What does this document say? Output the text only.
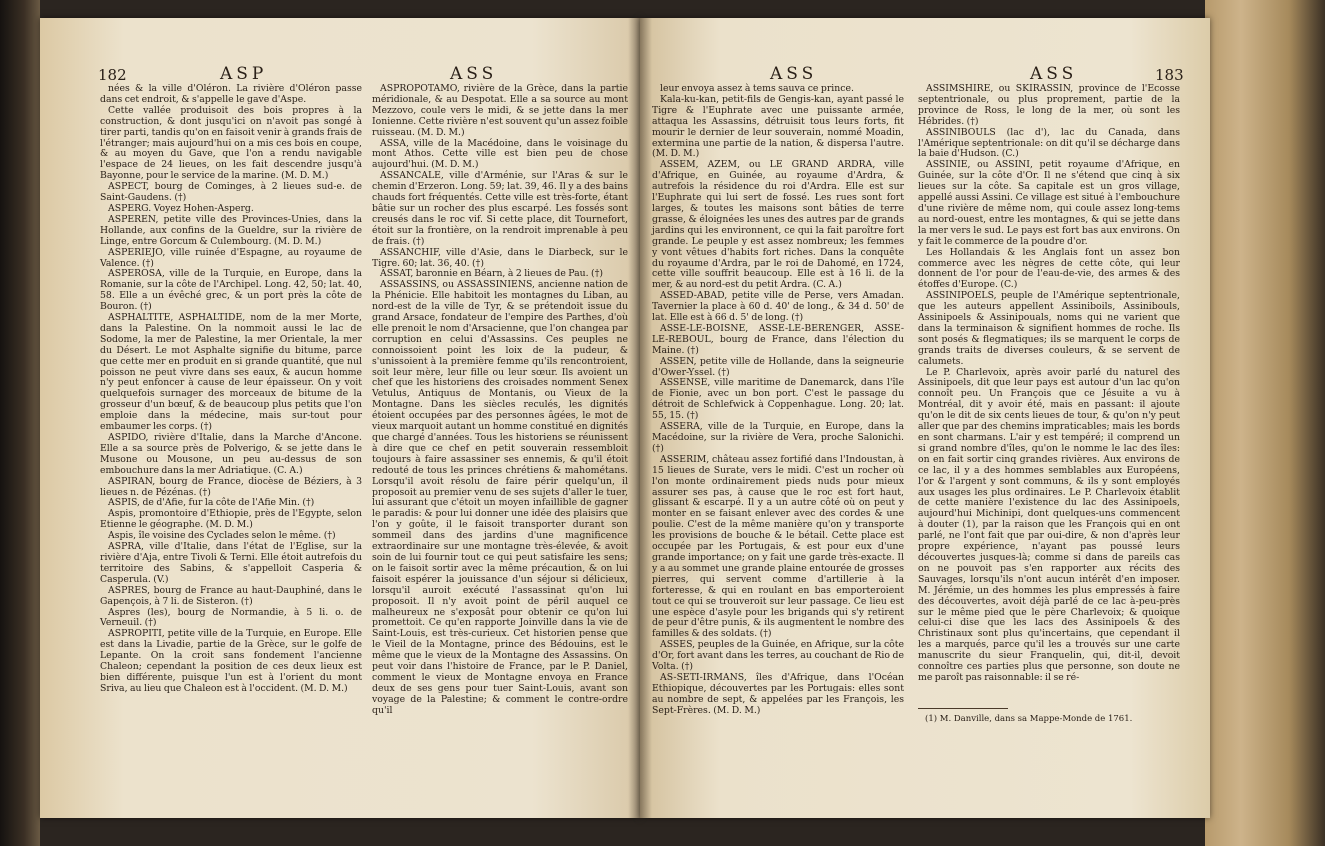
182	ASP	ASS

nées & la ville d'Oléron. La rivière d'Oléron passe dans cet endroit, & s'appelle le gave d'Aspe.

Cette vallée produisoit des bois propres à la construction, & dont jusqu'ici on n'avoit pas songé à tirer parti, tandis qu'on en faisoit venir à grands frais de l'étranger; mais aujourd'hui on a mis ces bois en coupe, & au moyen du Gave, que l'on a rendu navigable l'espace de 24 lieues, on les fait descendre jusqu'à Bayonne, pour le service de la marine. (M. D. M.)

ASPECT, bourg de Cominges, à 2 lieues sud-e. de Saint-Gaudens. (†)

ASPERG. Voyez Hohen-Asperg.

ASPEREN, petite ville des Provinces-Unies, dans la Hollande, aux confins de la Gueldre, sur la rivière de Linge, entre Gorcum & Culembourg. (M. D. M.)

ASPERIEJO, ville ruinée d'Espagne, au royaume de Valence. (†)

ASPEROSA, ville de la Turquie, en Europe, dans la Romanie, sur la côte de l'Archipel. Long. 42, 50; lat. 40, 58. Elle a un évêché grec, & un port près la côte de Bouron. (†)

ASPHALTITE, ASPHALTIDE, nom de la mer Morte, dans la Palestine. On la nommoit aussi le lac de Sodome, la mer de Palestine, la mer Orientale, la mer du Désert. Le mot Asphalte signifie du bitume, parce que cette mer en produit en si grande quantité, que nul poisson ne peut vivre dans ses eaux, & aucun homme n'y peut enfoncer à cause de leur épaisseur. On y voit quelquefois surnager des morceaux de bitume de la grosseur d'un bœuf, & de beaucoup plus petits que l'on emploie dans la médecine, mais sur-tout pour embaumer les corps. (†)

ASPIDO, rivière d'Italie, dans la Marche d'Ancone. Elle a sa source près de Polverigo, & se jette dans le Musone ou Mousone, un peu au-dessus de son embouchure dans la mer Adriatique. (C. A.)

ASPIRAN, bourg de France, diocèse de Béziers, à 3 lieues n. de Pézénas. (†)

ASPIS, de d'Afie, fur la côte de l'Afie Min. (†)

Aspis, promontoire d'Ethiopie, près de l'Egypte, selon Etienne le géographe. (M. D. M.)

Aspis, île voisine des Cyclades selon le même. (†)

ASPRA, ville d'Italie, dans l'état de l'Eglise, sur la rivière d'Aja, entre Tivoli & Terni. Elle étoit autrefois du territoire des Sabins, & s'appelloit Casperia & Casperula. (V.)

ASPRES, bourg de France au haut-Dauphiné, dans le Gapençois, à 7 li. de Sisteron. (†)

Aspres (les), bourg de Normandie, à 5 li. o. de Verneuil. (†)

ASPROPITI, petite ville de la Turquie, en Europe. Elle est dans la Livadie, partie de la Grèce, sur le golfe de Lepante. On la croit sans fondement l'ancienne Chaleon; cependant la position de ces deux lieux est bien différente, puisque l'un est à l'orient du mont Sriva, au lieu que Chaleon est à l'occident. (M. D. M.)

ASPROPOTAMO, rivière de la Grèce, dans la partie méridionale, & au Despotat. Elle a sa source au mont Mezzovo, coule vers le midi, & se jette dans la mer Ionienne. Cette rivière n'est souvent qu'un assez foible ruisseau. (M. D. M.)

ASSA, ville de la Macédoine, dans le voisinage du mont Athos. Cette ville est bien peu de chose aujourd'hui. (M. D. M.)

ASSANCALE, ville d'Arménie, sur l'Aras & sur le chemin d'Erzeron. Long. 59; lat. 39, 46. Il y a des bains chauds fort fréquentés. Cette ville est très-forte, étant bâtie sur un rocher des plus escarpé. Les fossés sont creusés dans le roc vif. Si cette place, dit Tournefort, étoit sur la frontière, on la rendroit imprenable à peu de frais. (†)

ASSANCHIF, ville d'Asie, dans le Diarbeck, sur le Tigre. 60; lat. 36, 40. (†)

ASSAT, baronnie en Béarn, à 2 lieues de Pau. (†)

ASSASSINS, ou ASSASSINIENS, ancienne nation de la Phénicie. Elle habitoit les montagnes du Liban, au nord-est de la ville de Tyr, & se prétendoit issue du grand Arsace, fondateur de l'empire des Parthes, d'où elle prenoit le nom d'Arsacienne, que l'on changea par corruption en celui d'Assassins. Ces peuples ne connoissoient point les loix de la pudeur, & s'unissoient à la première femme qu'ils rencontroient, soit leur mère, leur fille ou leur sœur. Ils avoient un chef que les historiens des croisades nomment Senex Vetulus, Antiquus de Montanis, ou Vieux de la Montagne. Dans les siècles reculés, les dignités étoient occupées par des personnes âgées, le mot de vieux marquoit autant un homme constitué en dignités que chargé d'années. Tous les historiens se réunissent à dire que ce chef en petit souverain ressembloit toujours à faire assassiner ses ennemis, & qu'il étoit redouté de tous les princes chrétiens & mahométans. Lorsqu'il avoit résolu de faire périr quelqu'un, il proposoit au premier venu de ses sujets d'aller le tuer, lui assurant que c'étoit un moyen infaillible de gagner le paradis: & pour lui donner une idée des plaisirs que l'on y goûte, il le faisoit transporter durant son sommeil dans des jardins d'une magnificence extraordinaire sur une montagne très-élevée, & avoit soin de lui fournir tout ce qui peut satisfaire les sens; on le faisoit sortir avec la même précaution, & on lui faisoit espérer la jouissance d'un séjour si délicieux, lorsqu'il auroit exécuté l'assassinat qu'on lui proposoit. Il n'y avoit point de péril auquel ce malheureux ne s'exposât pour obtenir ce qu'on lui promettoit. Ce qu'en rapporte Joinville dans la vie de Saint-Louis, est très-curieux. Cet historien pense que le Vieil de la Montagne, prince des Bédouins, est le même que le vieux de la Montagne des Assassins. On peut voir dans l'histoire de France, par le P. Daniel, comment le vieux de Montagne envoya en France deux de ses gens pour tuer Saint-Louis, avant son voyage de la Palestine; & comment le contre-ordre qu'il

ASS	ASS	183

leur envoya assez à tems sauva ce prince.

Kala-ku-kan, petit-fils de Gengis-kan, ayant passé le Tigre & l'Euphrate avec une puissante armée, attaqua les Assassins, détruisit tous leurs forts, fit mourir le dernier de leur souverain, nommé Moadin, extermina une partie de la nation, & dispersa l'autre. (M. D. M.)

ASSEM, AZEM, ou LE GRAND ARDRA, ville d'Afrique, en Guinée, au royaume d'Ardra, & autrefois la résidence du roi d'Ardra. Elle est sur l'Euphrate qui lui sert de fossé. Les rues sont fort larges, & toutes les maisons sont bâties de terre grasse, & éloignées les unes des autres par de grands jardins qui les environnent, ce qui la fait paroître fort grande. Le peuple y est assez nombreux; les femmes y vont vêtues d'habits fort riches. Dans la conquête du royaume d'Ardra, par le roi de Dahomé, en 1724, cette ville souffrit beaucoup. Elle est à 16 li. de la mer, & au nord-est du petit Ardra. (C. A.)

ASSED-ABAD, petite ville de Perse, vers Amadan. Tavernier la place à 60 d. 40' de long., & 34 d. 50' de lat. Elle est à 66 d. 5' de long. (†)

ASSE-LE-BOISNE, ASSE-LE-BERENGER, ASSE-LE-REBOUL, bourg de France, dans l'élection du Maine. (†)

ASSEN, petite ville de Hollande, dans la seigneurie d'Ower-Yssel. (†)

ASSENSE, ville maritime de Danemarck, dans l'île de Fionie, avec un bon port. C'est le passage du détroit de Schlefwick à Coppenhague. Long. 20; lat. 55, 15. (†)

ASSERA, ville de la Turquie, en Europe, dans la Macédoine, sur la rivière de Vera, proche Salonichi. (†)

ASSERIM, château assez fortifié dans l'Indoustan, à 15 lieues de Surate, vers le midi. C'est un rocher où l'on monte ordinairement pieds nuds pour mieux assurer ses pas, à cause que le roc est fort haut, glissant & escarpé. Il y a un autre côté où on peut y monter en se faisant enlever avec des cordes & une poulie. C'est de la même manière qu'on y transporte les provisions de bouche & le bétail. Cette place est occupée par les Portugais, & est pour eux d'une grande importance; on y fait une garde très-exacte. Il y a au sommet une grande plaine entourée de grosses pierres, qui servent comme d'artillerie à la forteresse, & qui en roulant en bas emporteroient tout ce qui se trouveroit sur leur passage. Ce lieu est une espèce d'asyle pour les brigands qui s'y retirent de peur d'être punis, & ils augmentent le nombre des familles & des soldats. (†)

ASSES, peuples de la Guinée, en Afrique, sur la côte d'Or, fort avant dans les terres, au couchant de Rio de Volta. (†)

AS-SETI-IRMANS, îles d'Afrique, dans l'Océan Ethiopique, découvertes par les Portugais: elles sont au nombre de sept, & appelées par les François, les Sept-Frères. (M. D. M.)

ASSIMSHIRE, ou SKIRASSIN, province de l'Ecosse septentrionale, ou plus proprement, partie de la province de Ross, le long de la mer, où sont les Hébrides. (†)

ASSINIBOULS (lac d'), lac du Canada, dans l'Amérique septentrionale: on dit qu'il se décharge dans la baie d'Hudson. (C.)

ASSINIE, ou ASSINI, petit royaume d'Afrique, en Guinée, sur la côte d'Or. Il ne s'étend que cinq à six lieues sur la côte. Sa capitale est un gros village, appellé aussi Assini. Ce village est situé à l'embouchure d'une rivière de même nom, qui coule assez long-tems au nord-ouest, entre les montagnes, & qui se jette dans la mer vers le sud. Le pays est fort bas aux environs. On y fait le commerce de la poudre d'or.

Les Hollandais & les Anglais font un assez bon commerce avec les nègres de cette côte, qui leur donnent de l'or pour de l'eau-de-vie, des armes & des étoffes d'Europe. (C.)

ASSINIPOELS, peuple de l'Amérique septentrionale, que les auteurs appellent Assiniboils, Assinibouls, Assinipoels & Assinipouals, noms qui ne varient que dans la terminaison & signifient hommes de roche. Ils sont posés & flegmatiques; ils se marquent le corps de grands traits de diverses couleurs, & se servent de calumets.

Le P. Charlevoix, après avoir parlé du naturel des Assinipoels, dit que leur pays est autour d'un lac qu'on connoît peu. Un François que ce Jésuite a vu à Montréal, dit y avoir été, mais en passant: il ajoute qu'on le dit de six cents lieues de tour, & qu'on n'y peut aller que par des chemins impraticables; mais les bords en sont charmans. L'air y est tempéré; il comprend un si grand nombre d'îles, qu'on le nomme le lac des îles: on en fait sortir cinq grandes rivières. Aux environs de ce lac, il y a des hommes semblables aux Européens, l'or & l'argent y sont communs, & ils y sont employés aux usages les plus ordinaires. Le P. Charlevoix établit de cette manière l'existence du lac des Assinipoels, aujourd'hui Michinipi, dont quelques-uns commencent à douter (1), par la raison que les François qui en ont parlé, ne l'ont fait que par oui-dire, & non d'après leur propre expérience, n'ayant pas poussé leurs découvertes jusques-là; comme si dans de pareils cas on ne pouvoit pas s'en rapporter aux récits des Sauvages, lorsqu'ils n'ont aucun intérêt d'en imposer. M. Jérémie, un des hommes les plus empressés à faire des découvertes, avoit déjà parlé de ce lac à-peu-près sur le même pied que le père Charlevoix; & quoique celui-ci dise que les lacs des Assinipoels & des Christinaux sont plus qu'incertains, que cependant il les a marqués, parce qu'il les a trouvés sur une carte manuscrite du sieur Franquelin, qui, dit-il, devoit connoître ces parties plus que personne, son doute ne me paroît pas raisonnable: il se ré-

(1) M. Danville, dans sa Mappe-Monde de 1761.
